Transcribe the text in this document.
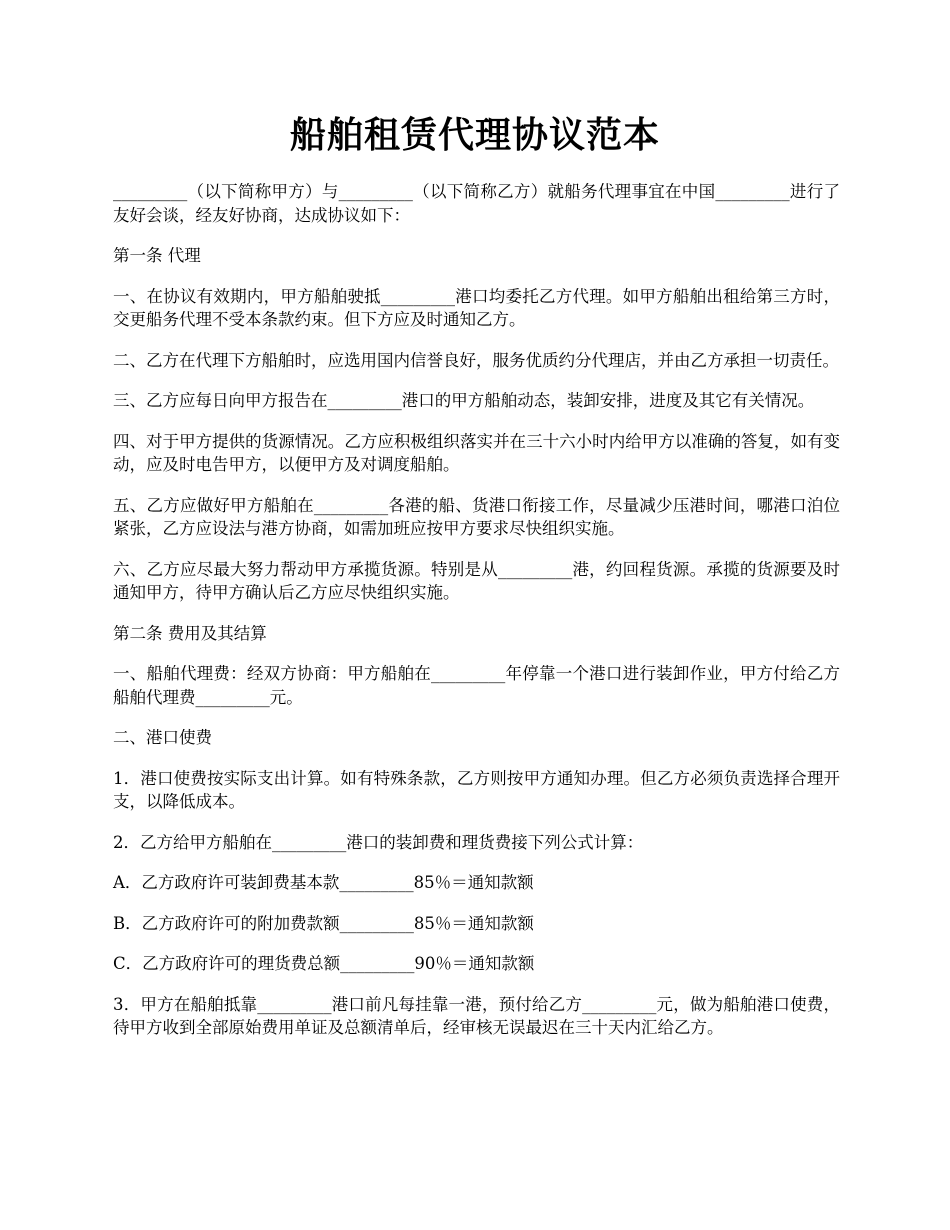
船舶租赁代理协议范本

_________（以下简称甲方）与_________（以下简称乙方）就船务代理事宜在中国_________进行了友好会谈，经友好协商，达成协议如下：

第一条 代理

一、在协议有效期内，甲方船舶驶抵_________港口均委托乙方代理。如甲方船舶出租给第三方时，交更船务代理不受本条款约束。但下方应及时通知乙方。

二、乙方在代理下方船舶时，应选用国内信誉良好，服务优质约分代理店，并由乙方承担一切责任。

三、乙方应每日向甲方报告在_________港口的甲方船舶动态，装卸安排，进度及其它有关情况。

四、对于甲方提供的货源情况。乙方应积极组织落实并在三十六小时内给甲方以准确的答复，如有变动，应及时电告甲方，以便甲方及对调度船舶。

五、乙方应做好甲方船舶在_________各港的船、货港口衔接工作，尽量减少压港时间，哪港口泊位紧张，乙方应设法与港方协商，如需加班应按甲方要求尽快组织实施。

六、乙方应尽最大努力帮动甲方承揽货源。特别是从_________港，约回程货源。承揽的货源要及时通知甲方，待甲方确认后乙方应尽快组织实施。

第二条 费用及其结算

一、船舶代理费：经双方协商：甲方船舶在_________年停靠一个港口进行装卸作业，甲方付给乙方船舶代理费_________元。

二、港口使费

1．港口使费按实际支出计算。如有特殊条款，乙方则按甲方通知办理。但乙方必须负责选择合理开支，以降低成本。

2．乙方给甲方船舶在_________港口的装卸费和理货费接下列公式计算：

A．乙方政府许可装卸费基本款_________85％＝通知款额

B．乙方政府许可的附加费款额_________85％＝通知款额

C．乙方政府许可的理货费总额_________90％＝通知款额

3．甲方在船舶抵靠_________港口前凡每挂靠一港，预付给乙方_________元，做为船舶港口使费，待甲方收到全部原始费用单证及总额清单后，经审核无误最迟在三十天内汇给乙方。
